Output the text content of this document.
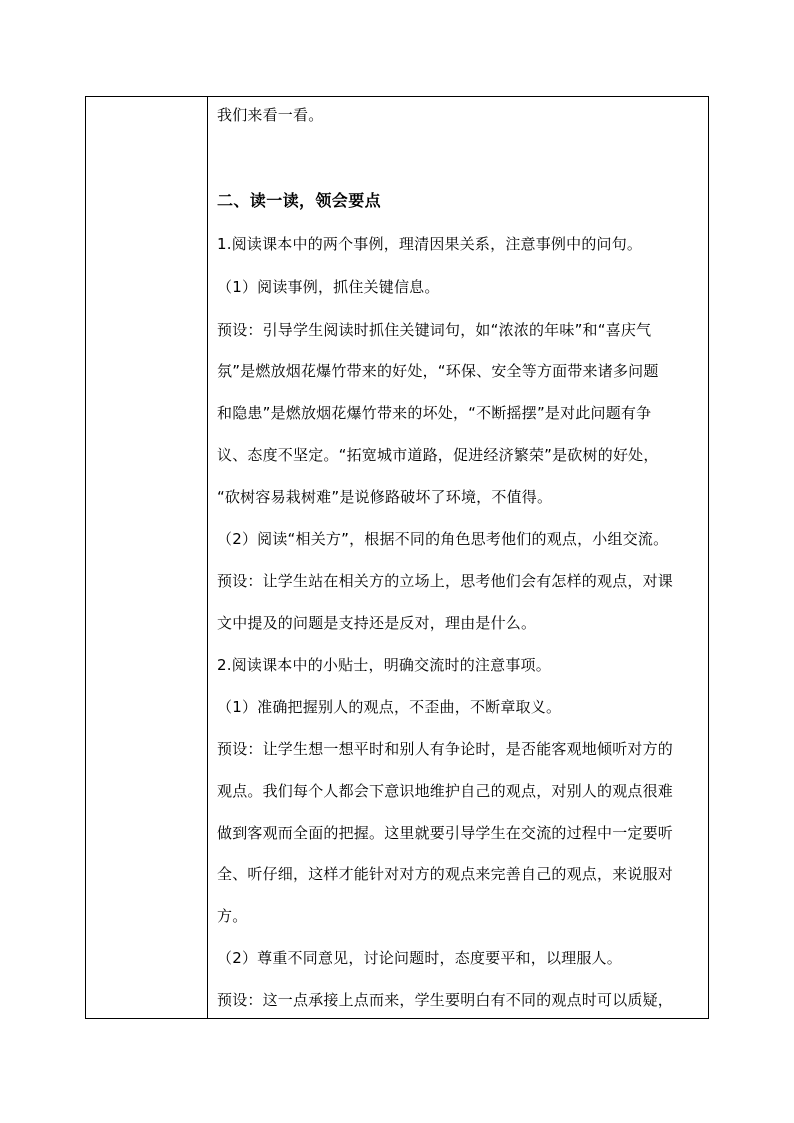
我们来看一看。
二、读一读，领会要点
1.阅读课本中的两个事例，理清因果关系，注意事例中的问句。
（1）阅读事例，抓住关键信息。
预设：引导学生阅读时抓住关键词句，如“浓浓的年味”和“喜庆气
氛”是燃放烟花爆竹带来的好处，“环保、安全等方面带来诸多问题
和隐患”是燃放烟花爆竹带来的坏处，“不断摇摆”是对此问题有争
议、态度不坚定。“拓宽城市道路，促进经济繁荣”是砍树的好处，
“砍树容易栽树难”是说修路破坏了环境，不值得。
（2）阅读“相关方”，根据不同的角色思考他们的观点，小组交流。
预设：让学生站在相关方的立场上，思考他们会有怎样的观点，对课
文中提及的问题是支持还是反对，理由是什么。
2.阅读课本中的小贴士，明确交流时的注意事项。
（1）准确把握别人的观点，不歪曲，不断章取义。
预设：让学生想一想平时和别人有争论时，是否能客观地倾听对方的
观点。我们每个人都会下意识地维护自己的观点，对别人的观点很难
做到客观而全面的把握。这里就要引导学生在交流的过程中一定要听
全、听仔细，这样才能针对对方的观点来完善自己的观点，来说服对
方。
（2）尊重不同意见，讨论问题时，态度要平和，以理服人。
预设：这一点承接上点而来，学生要明白有不同的观点时可以质疑，
